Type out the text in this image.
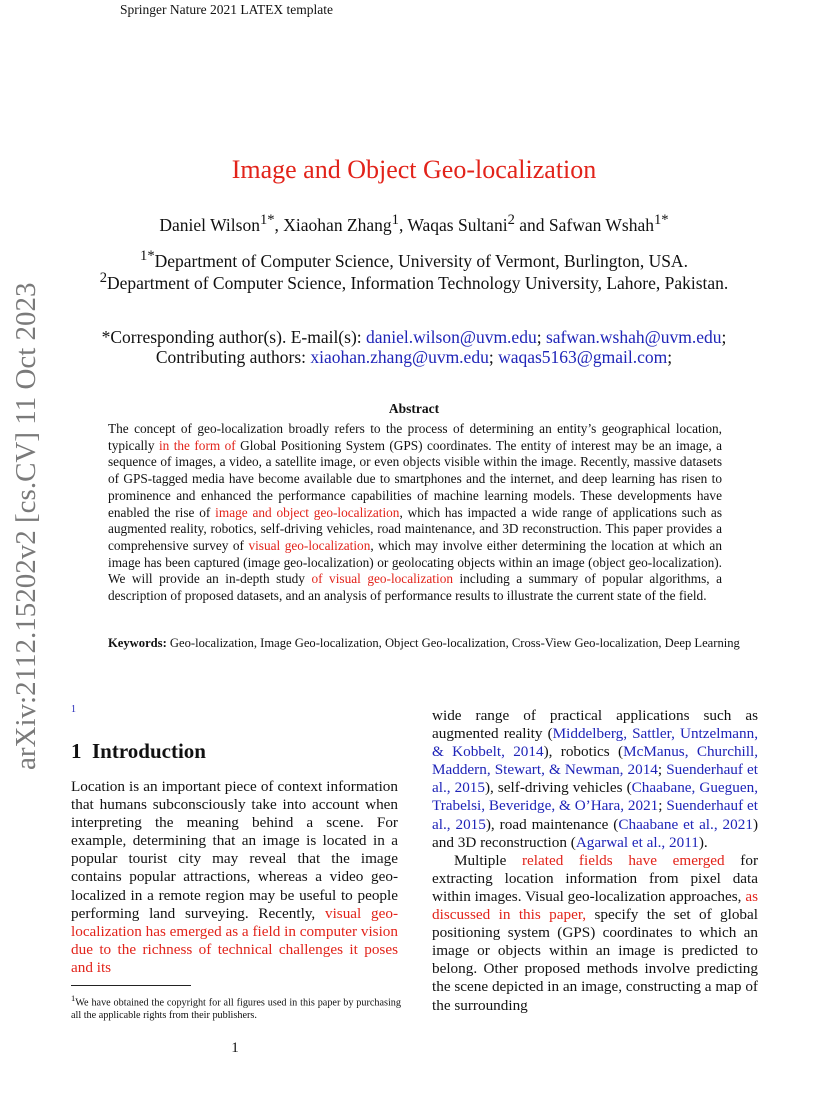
Springer Nature 2021 LATEX template
arXiv:2112.15202v2 [cs.CV] 11 Oct 2023
Image and Object Geo-localization
Daniel Wilson$^{1*}$, Xiaohan Zhang$^1$, Waqas Sultani$^2$ and Safwan Wshah$^{1*}$
$^{1*}$Department of Computer Science, University of Vermont, Burlington, USA.
$^2$Department of Computer Science, Information Technology University, Lahore, Pakistan.
*Corresponding author(s). E-mail(s): daniel.wilson@uvm.edu; safwan.wshah@uvm.edu;
Contributing authors: xiaohan.zhang@uvm.edu; waqas5163@gmail.com;
Abstract
The concept of geo-localization broadly refers to the process of determining an entity’s geographical location, typically in the form of Global Positioning System (GPS) coordinates. The entity of interest may be an image, a sequence of images, a video, a satellite image, or even objects visible within the image. Recently, massive datasets of GPS-tagged media have become available due to smartphones and the internet, and deep learning has risen to prominence and enhanced the performance capabilities of machine learning models. These developments have enabled the rise of image and object geo-localization, which has impacted a wide range of applications such as augmented reality, robotics, self-driving vehicles, road maintenance, and 3D reconstruction. This paper provides a comprehensive survey of visual geo-localization, which may involve either determining the location at which an image has been captured (image geo-localization) or geolocating objects within an image (object geo-localization). We will provide an in-depth study of visual geo-localization including a summary of popular algorithms, a description of proposed datasets, and an analysis of performance results to illustrate the current state of the field.
Keywords: Geo-localization, Image Geo-localization, Object Geo-localization, Cross-View Geo-localization, Deep Learning
1
1 Introduction

Location is an important piece of context information that humans subconsciously take into account when interpreting the meaning behind a scene. For example, determining that an image is located in a popular tourist city may reveal that the image contains popular attractions, whereas a video geo-localized in a remote region may be useful to people performing land surveying. Recently, visual geo-localization has emerged as a field in computer vision due to the richness of technical challenges it poses and its

wide range of practical applications such as augmented reality (Middelberg, Sattler, Untzelmann, & Kobbelt, 2014), robotics (McManus, Churchill, Maddern, Stewart, & Newman, 2014; Suenderhauf et al., 2015), self-driving vehicles (Chaabane, Gueguen, Trabelsi, Beveridge, & O’Hara, 2021; Suenderhauf et al., 2015), road maintenance (Chaabane et al., 2021) and 3D reconstruction (Agarwal et al., 2011).

Multiple related fields have emerged for extracting location information from pixel data within images. Visual geo-localization approaches, as discussed in this paper, specify the set of global positioning system (GPS) coordinates to which an image or objects within an image is predicted to belong. Other proposed methods involve predicting the scene depicted in an image, constructing a map of the surrounding

$^1$We have obtained the copyright for all figures used in this paper by purchasing all the applicable rights from their publishers.
1
